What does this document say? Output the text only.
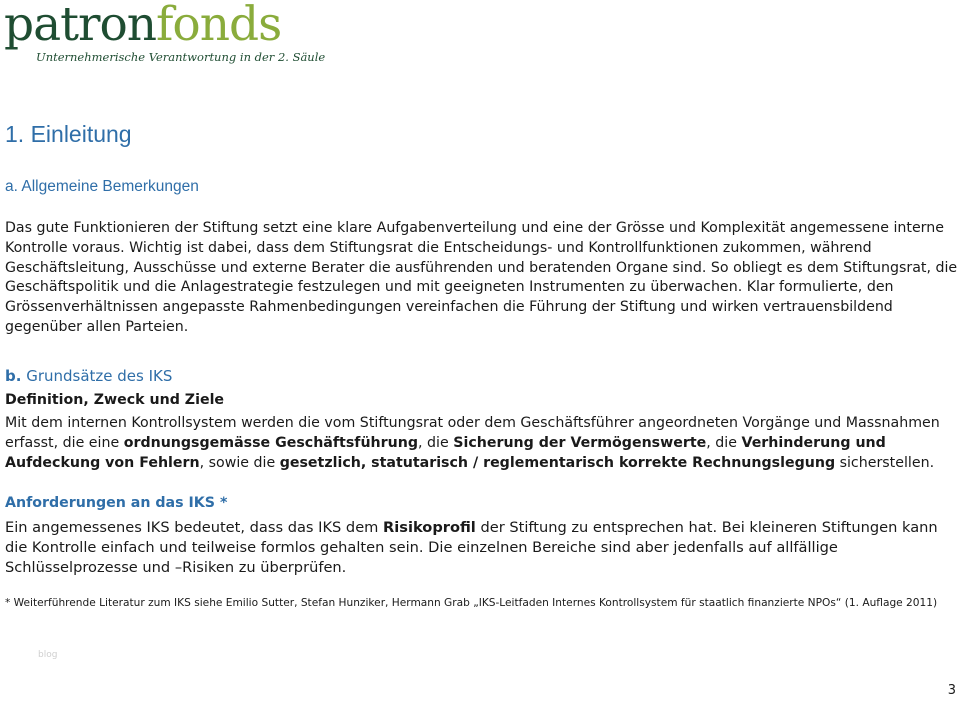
patronfonds
Unternehmerische Verantwortung in der 2. Säule
1. Einleitung
a. Allgemeine Bemerkungen

Das gute Funktionieren der Stiftung setzt eine klare Aufgabenverteilung und eine der Grösse und Komplexität angemessene interne Kontrolle voraus. Wichtig ist dabei, dass dem Stiftungsrat die Entscheidungs- und Kontrollfunktionen zukommen, während Geschäftsleitung, Ausschüsse und externe Berater die ausführenden und beratenden Organe sind. So obliegt es dem Stiftungsrat, die Geschäftspolitik und die Anlagestrategie festzulegen und mit geeigneten Instrumenten zu überwachen. Klar formulierte, den Grössenverhältnissen angepasste Rahmenbedingungen vereinfachen die Führung der Stiftung und wirken vertrauensbildend gegenüber allen Parteien.

b. Grundsätze des IKS
Definition, Zweck und Ziele

Mit dem internen Kontrollsystem werden die vom Stiftungsrat oder dem Geschäftsführer angeordneten Vorgänge und Massnahmen erfasst, die eine ordnungsgemässe Geschäftsführung, die Sicherung der Vermögenswerte, die Verhinderung und Aufdeckung von Fehlern, sowie die gesetzlich, statutarisch / reglementarisch korrekte Rechnungslegung sicherstellen.

Anforderungen an das IKS *

Ein angemessenes IKS bedeutet, dass das IKS dem Risikoprofil der Stiftung zu entsprechen hat. Bei kleineren Stiftungen kann die Kontrolle einfach und teilweise formlos gehalten sein. Die einzelnen Bereiche sind aber jedenfalls auf allfällige Schlüsselprozesse und –Risiken zu überprüfen.

* Weiterführende Literatur zum IKS siehe Emilio Sutter, Stefan Hunziker, Hermann Grab „IKS-Leitfaden Internes Kontrollsystem für staatlich finanzierte NPOs“ (1. Auflage 2011)

blog
3
